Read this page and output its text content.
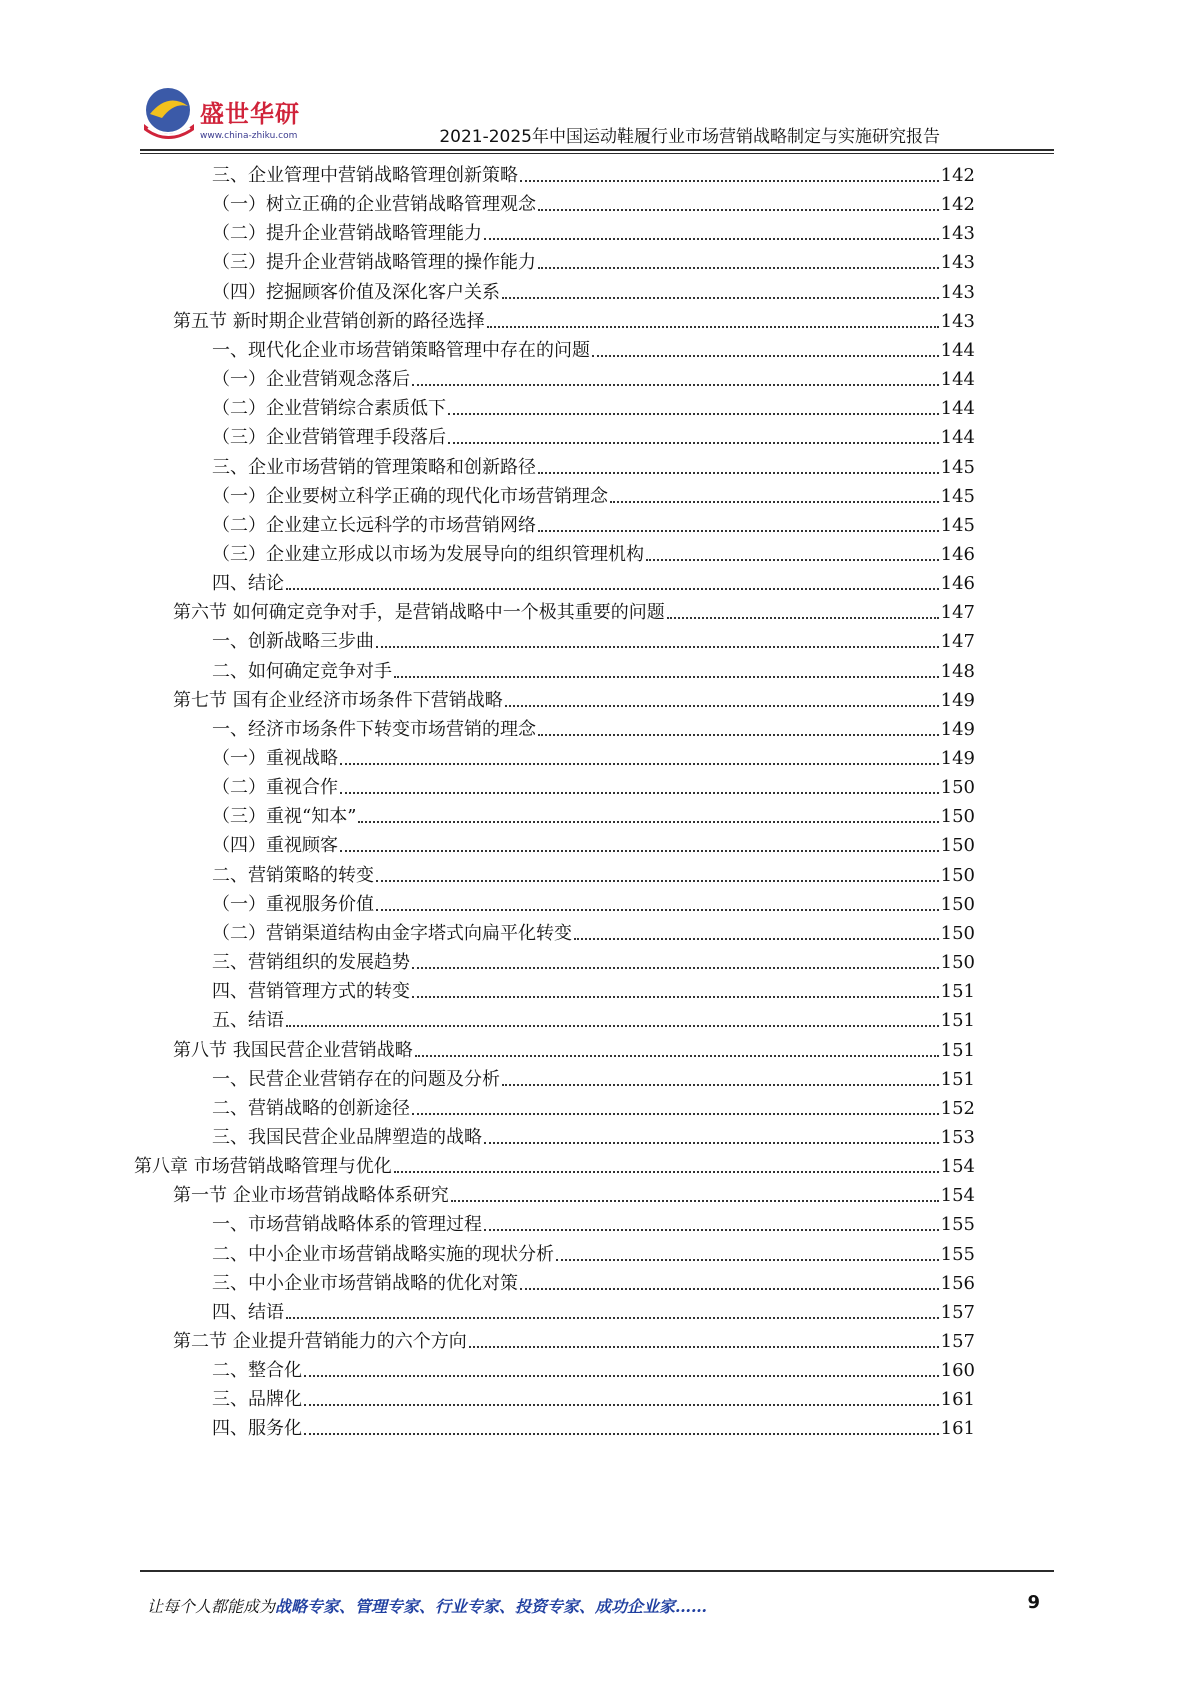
盛世华研
www.china-zhiku.com	2021-2025年中国运动鞋履行业市场营销战略制定与实施研究报告
三、企业管理中营销战略管理创新策略	142
（一）树立正确的企业营销战略管理观念	142
（二）提升企业营销战略管理能力	143
（三）提升企业营销战略管理的操作能力	143
（四）挖掘顾客价值及深化客户关系	143
第五节 新时期企业营销创新的路径选择	143
一、现代化企业市场营销策略管理中存在的问题	144
（一）企业营销观念落后	144
（二）企业营销综合素质低下	144
（三）企业营销管理手段落后	144
三、企业市场营销的管理策略和创新路径	145
（一）企业要树立科学正确的现代化市场营销理念	145
（二）企业建立长远科学的市场营销网络	145
（三）企业建立形成以市场为发展导向的组织管理机构	146
四、结论	146
第六节 如何确定竞争对手，是营销战略中一个极其重要的问题	147
一、创新战略三步曲	147
二、如何确定竞争对手	148
第七节 国有企业经济市场条件下营销战略	149
一、经济市场条件下转变市场营销的理念	149
（一）重视战略	149
（二）重视合作	150
（三）重视“知本”	150
（四）重视顾客	150
二、营销策略的转变	150
（一）重视服务价值	150
（二）营销渠道结构由金字塔式向扁平化转变	150
三、营销组织的发展趋势	150
四、营销管理方式的转变	151
五、结语	151
第八节 我国民营企业营销战略	151
一、民营企业营销存在的问题及分析	151
二、营销战略的创新途径	152
三、我国民营企业品牌塑造的战略	153
第八章 市场营销战略管理与优化	154
第一节 企业市场营销战略体系研究	154
一、市场营销战略体系的管理过程	155
二、中小企业市场营销战略实施的现状分析	155
三、中小企业市场营销战略的优化对策	156
四、结语	157
第二节 企业提升营销能力的六个方向	157
二、整合化	160
三、品牌化	161
四、服务化	161
让每个人都能成为战略专家、管理专家、行业专家、投资专家、成功企业家……	9
